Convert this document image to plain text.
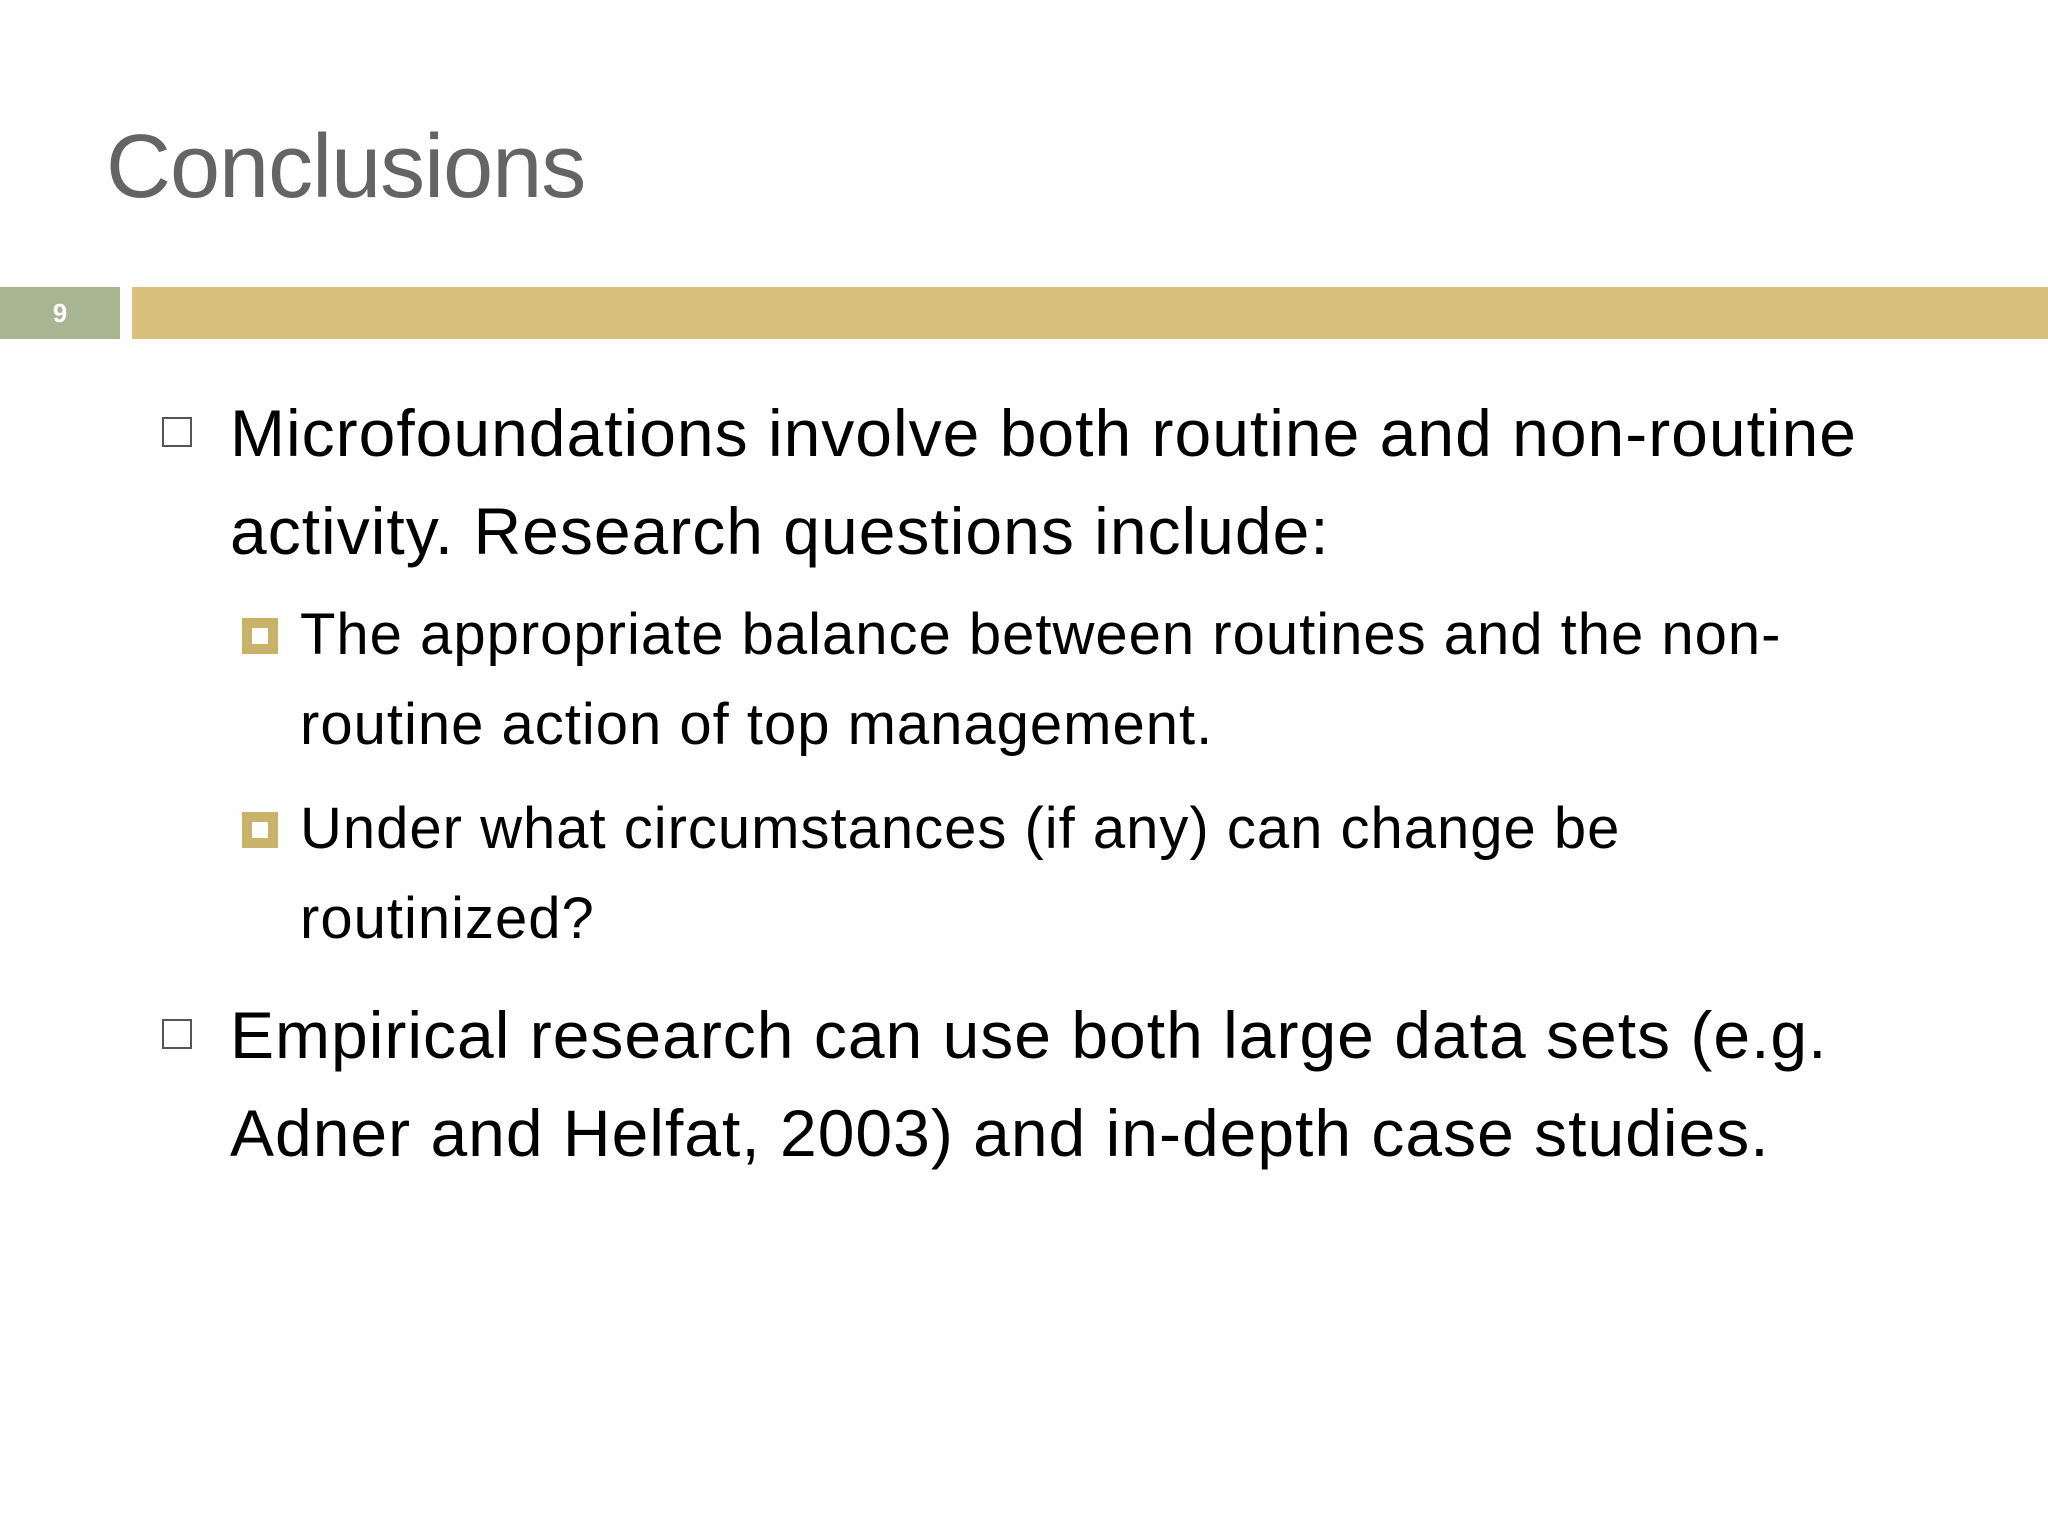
Conclusions
9
Microfoundations involve both routine and non-routine activity. Research questions include:
The appropriate balance between routines and the non-routine action of top management.
Under what circumstances (if any) can change be routinized?
Empirical research can use both large data sets (e.g. Adner and Helfat, 2003) and in-depth case studies.
